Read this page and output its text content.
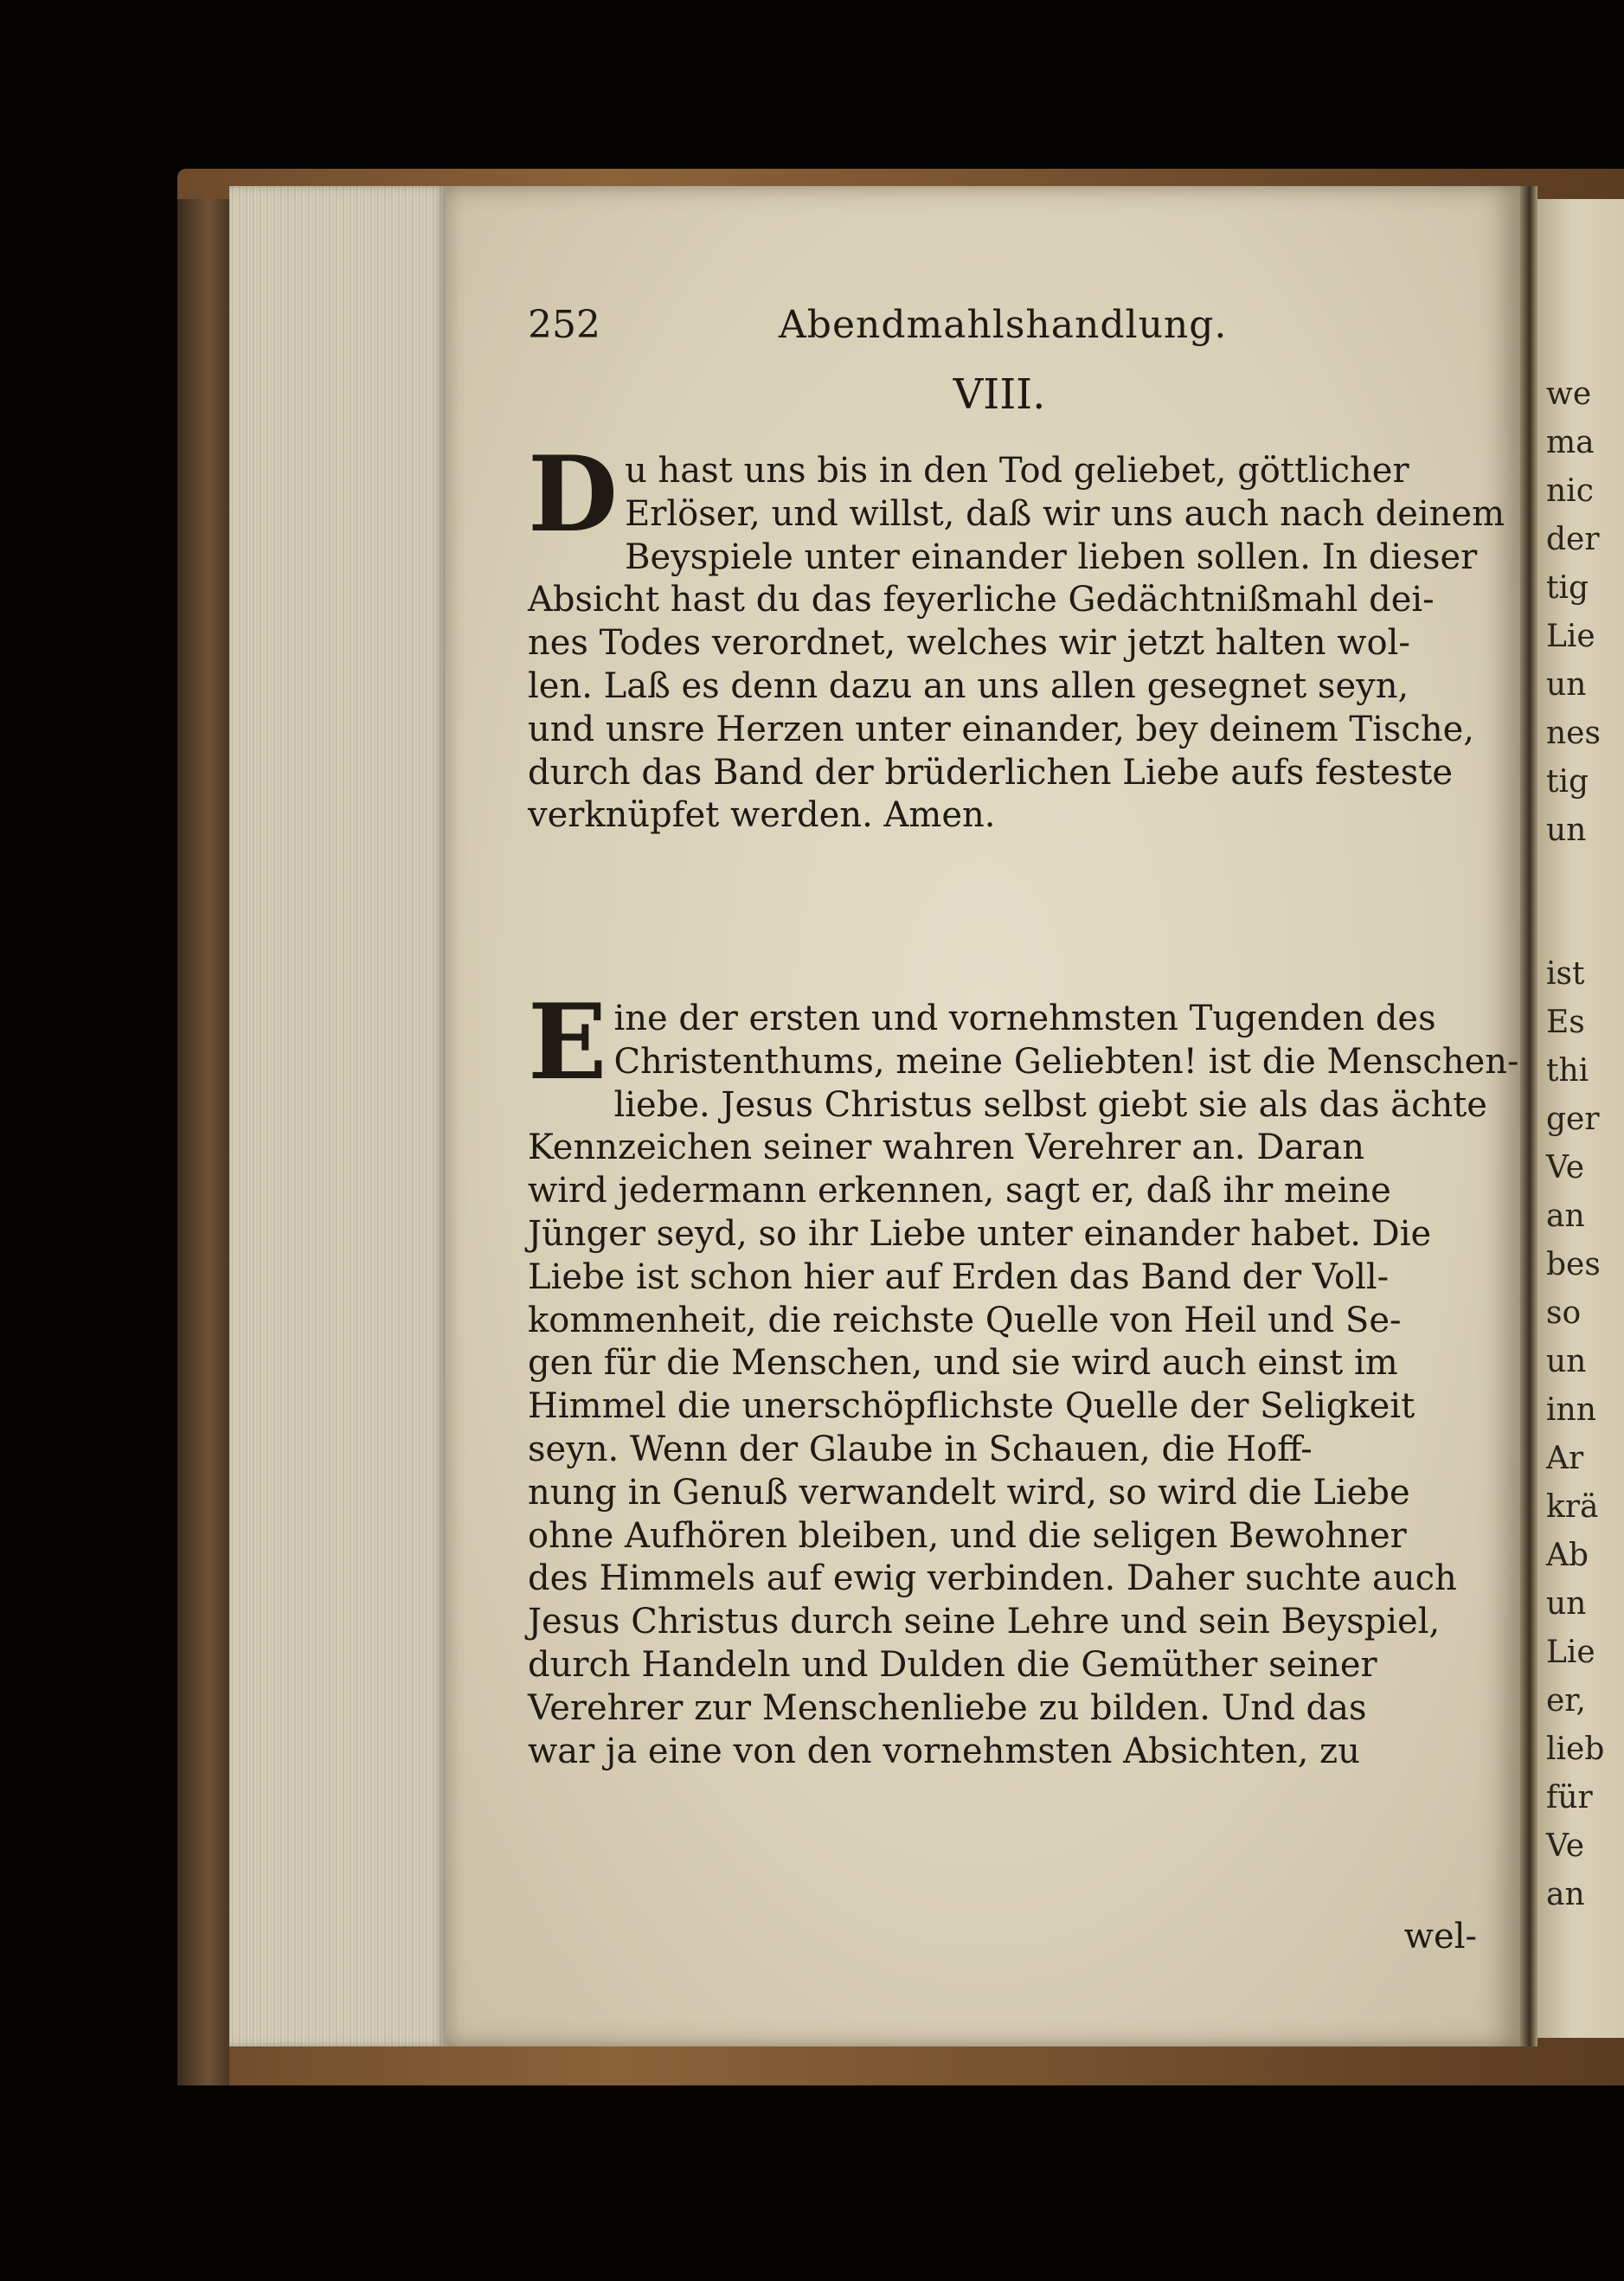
252	Abendmahlshandlung.
VIII.
D u hast uns bis in den Tod geliebet, göttlicher
Erlöser, und willst, daß wir uns auch nach deinem
Beyspiele unter einander lieben sollen. In dieser
Absicht hast du das feyerliche Gedächtnißmahl dei-
nes Todes verordnet, welches wir jetzt halten wol-
len. Laß es denn dazu an uns allen gesegnet seyn,
und unsre Herzen unter einander, bey deinem Tische,
durch das Band der brüderlichen Liebe aufs festeste
verknüpfet werden. Amen.
E ine der ersten und vornehmsten Tugenden des
Christenthums, meine Geliebten! ist die Menschen-
liebe. Jesus Christus selbst giebt sie als das ächte
Kennzeichen seiner wahren Verehrer an. Daran
wird jedermann erkennen, sagt er, daß ihr meine
Jünger seyd, so ihr Liebe unter einander habet. Die
Liebe ist schon hier auf Erden das Band der Voll-
kommenheit, die reichste Quelle von Heil und Se-
gen für die Menschen, und sie wird auch einst im
Himmel die unerschöpflichste Quelle der Seligkeit
seyn. Wenn der Glaube in Schauen, die Hoff-
nung in Genuß verwandelt wird, so wird die Liebe
ohne Aufhören bleiben, und die seligen Bewohner
des Himmels auf ewig verbinden. Daher suchte auch
Jesus Christus durch seine Lehre und sein Beyspiel,
durch Handeln und Dulden die Gemüther seiner
Verehrer zur Menschenliebe zu bilden. Und das
war ja eine von den vornehmsten Absichten, zu
wel-
we
ma
nic
der
tig
Lie
un
nes
tig
un
ist
Es
thi
ger
Ve
an
bes
so
un
inn
Ar
krä
Ab
un
Lie
er,
lieb
für
Ve
an
